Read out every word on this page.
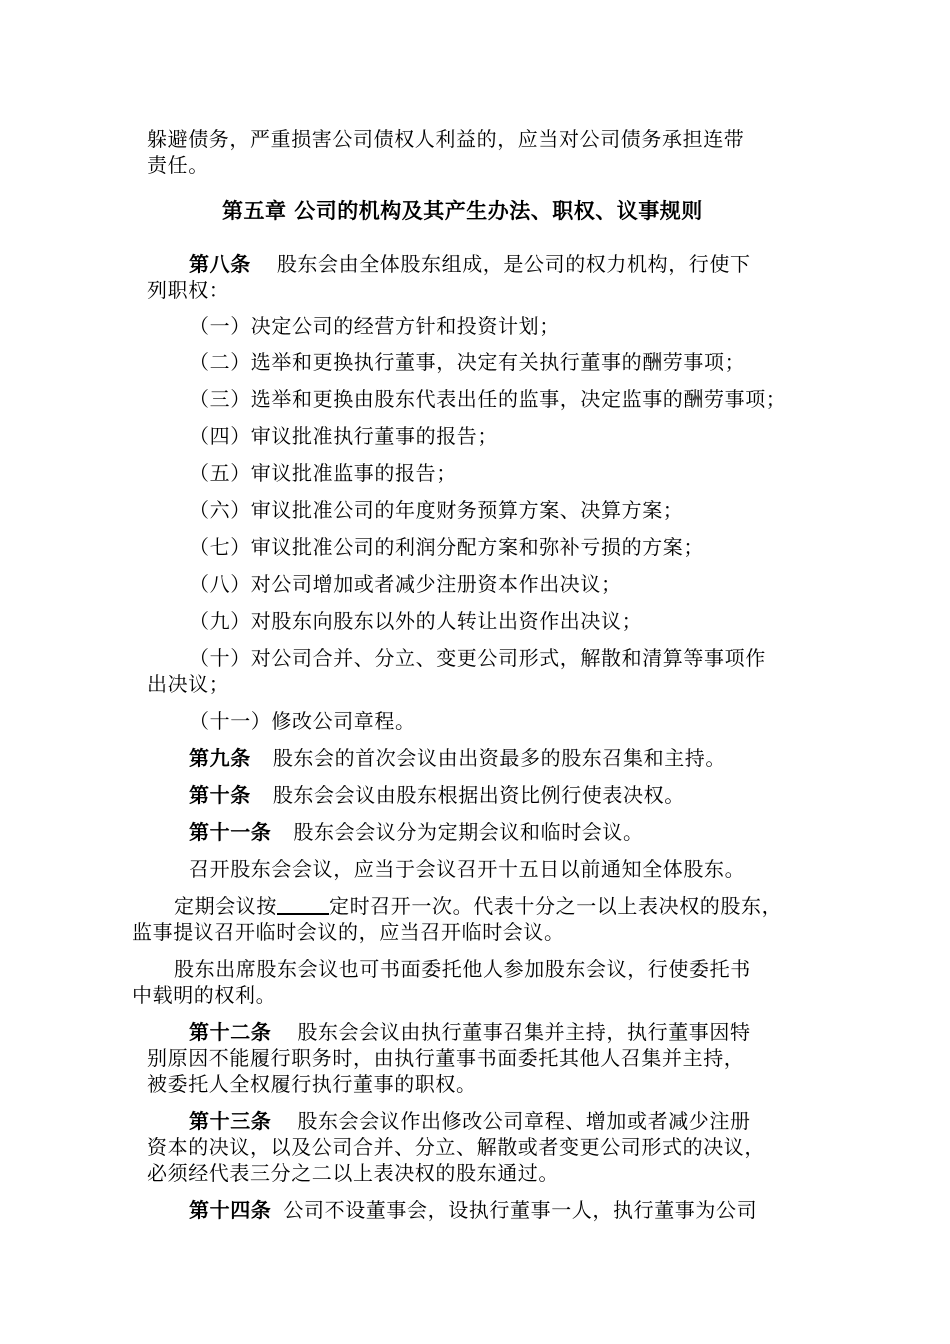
躲避债务，严重损害公司债权人利益的，应当对公司债务承担连带

责任。

第五章 公司的机构及其产生办法、职权、议事规则

第八条 股东会由全体股东组成，是公司的权力机构，行使下

列职权：

（一）决定公司的经营方针和投资计划；

（二）选举和更换执行董事，决定有关执行董事的酬劳事项；

（三）选举和更换由股东代表出任的监事，决定监事的酬劳事项；

（四）审议批准执行董事的报告；

（五）审议批准监事的报告；

（六）审议批准公司的年度财务预算方案、决算方案；

（七）审议批准公司的利润分配方案和弥补亏损的方案；

（八）对公司增加或者减少注册资本作出决议；

（九）对股东向股东以外的人转让出资作出决议；

（十）对公司合并、分立、变更公司形式，解散和清算等事项作

出决议；

（十一）修改公司章程。

第九条 股东会的首次会议由出资最多的股东召集和主持。

第十条 股东会会议由股东根据出资比例行使表决权。

第十一条 股东会会议分为定期会议和临时会议。

召开股东会会议，应当于会议召开十五日以前通知全体股东。

定期会议按	定时召开一次。代表十分之一以上表决权的股东，

监事提议召开临时会议的，应当召开临时会议。

股东出席股东会议也可书面委托他人参加股东会议，行使委托书

中载明的权利。

第十二条 股东会会议由执行董事召集并主持，执行董事因特

别原因不能履行职务时，由执行董事书面委托其他人召集并主持，

被委托人全权履行执行董事的职权。

第十三条 股东会会议作出修改公司章程、增加或者减少注册

资本的决议，以及公司合并、分立、解散或者变更公司形式的决议，

必须经代表三分之二以上表决权的股东通过。

第十四条 公司不设董事会，设执行董事一人，执行董事为公司
